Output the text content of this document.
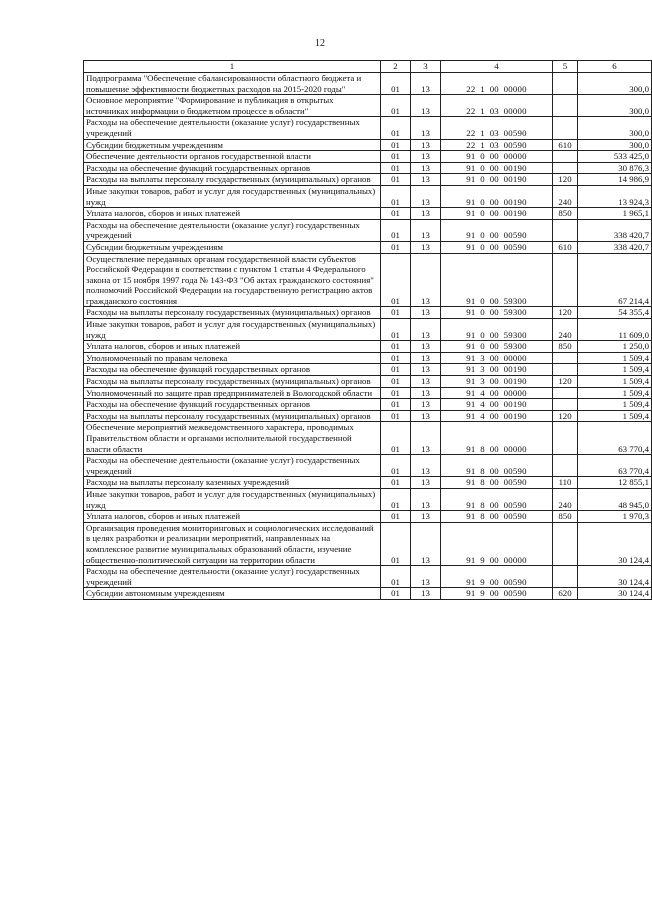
12
1	2	3	4	5	6
Подпрограмма "Обеспечение сбалансированности областного бюджета и повышение эффективности бюджетных расходов на 2015-2020 годы"	01	13	22  1  00  00000		300,0
Основное мероприятие "Формирование и публикация в открытых источниках информации о бюджетном процессе в области"	01	13	22  1  03  00000		300,0
Расходы на обеспечение деятельности (оказание услуг) государственных учреждений	01	13	22  1  03  00590		300,0
Субсидии бюджетным учреждениям	01	13	22  1  03  00590	610	300,0
Обеспечение деятельности органов государственной власти	01	13	91  0  00  00000		533 425,0
Расходы на обеспечение функций государственных органов	01	13	91  0  00  00190		30 876,3
Расходы на выплаты персоналу государственных (муниципальных) органов	01	13	91  0  00  00190	120	14 986,9
Иные закупки товаров, работ и услуг для государственных (муниципальных) нужд	01	13	91  0  00  00190	240	13 924,3
Уплата налогов, сборов и иных платежей	01	13	91  0  00  00190	850	1 965,1
Расходы на обеспечение деятельности (оказание услуг) государственных учреждений	01	13	91  0  00  00590		338 420,7
Субсидии бюджетным учреждениям	01	13	91  0  00  00590	610	338 420,7
Осуществление переданных органам государственной власти субъектов Российской Федерации в соответствии с пунктом 1 статьи 4 Федерального закона от 15 ноября 1997 года № 143-ФЗ "Об актах гражданского состояния" полномочий Российской Федерации на государственную регистрацию актов гражданского состояния	01	13	91  0  00  59300		67 214,4
Расходы на выплаты персоналу государственных (муниципальных) органов	01	13	91  0  00  59300	120	54 355,4
Иные закупки товаров, работ и услуг для государственных (муниципальных) нужд	01	13	91  0  00  59300	240	11 609,0
Уплата налогов, сборов и иных платежей	01	13	91  0  00  59300	850	1 250,0
Уполномоченный по правам человека	01	13	91  3  00  00000		1 509,4
Расходы на обеспечение функций государственных органов	01	13	91  3  00  00190		1 509,4
Расходы на выплаты персоналу государственных (муниципальных) органов	01	13	91  3  00  00190	120	1 509,4
Уполномоченный по защите прав предпринимателей в Вологодской области	01	13	91  4  00  00000		1 509,4
Расходы на обеспечение функций государственных органов	01	13	91  4  00  00190		1 509,4
Расходы на выплаты персоналу государственных (муниципальных) органов	01	13	91  4  00  00190	120	1 509,4
Обеспечение мероприятий межведомственного характера, проводимых Правительством области и органами исполнительной государственной власти области	01	13	91  8  00  00000		63 770,4
Расходы на обеспечение деятельности (оказание услуг) государственных учреждений	01	13	91  8  00  00590		63 770,4
Расходы на выплаты персоналу казенных учреждений	01	13	91  8  00  00590	110	12 855,1
Иные закупки товаров, работ и услуг для государственных (муниципальных) нужд	01	13	91  8  00  00590	240	48 945,0
Уплата налогов, сборов и иных платежей	01	13	91  8  00  00590	850	1 970,3
Организация проведения мониторинговых и социологических исследований в целях разработки и реализации мероприятий, направленных на комплексное развитие муниципальных образований области, изучение общественно-политической ситуации на территории области	01	13	91  9  00  00000		30 124,4
Расходы на обеспечение деятельности (оказание услуг) государственных учреждений	01	13	91  9  00  00590		30 124,4
Субсидии автономным учреждениям	01	13	91  9  00  00590	620	30 124,4
